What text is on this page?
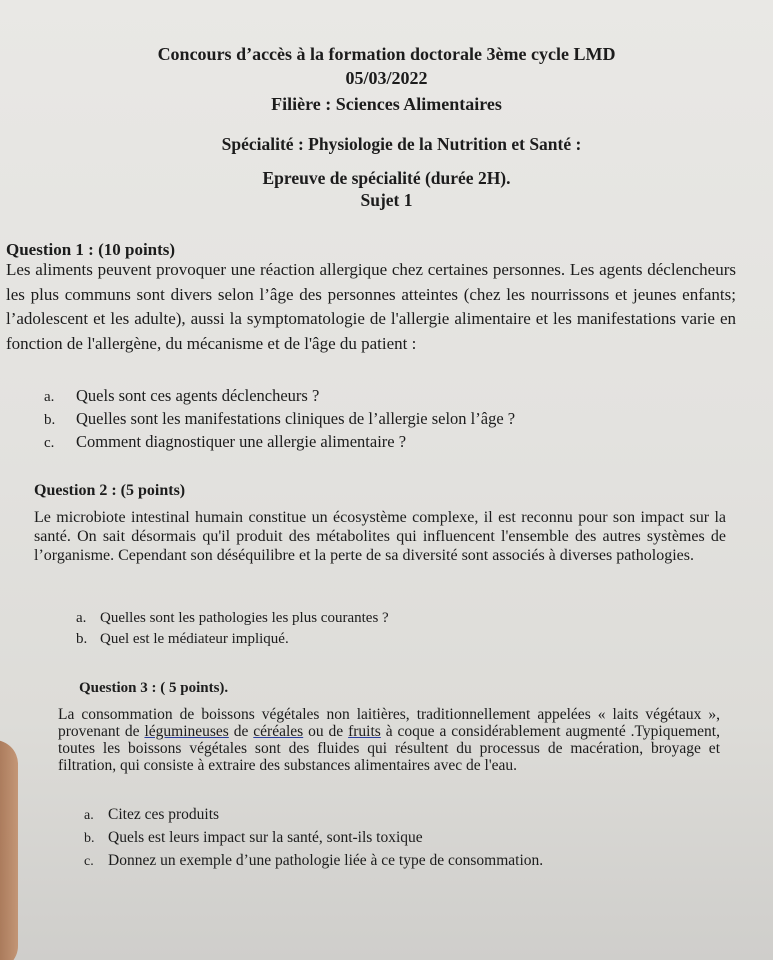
Concours d’accès à la formation doctorale 3ème cycle LMD
05/03/2022
Filière : Sciences Alimentaires
Spécialité : Physiologie de la Nutrition et Santé :
Epreuve de spécialité (durée 2H).
Sujet 1
Question 1 : (10 points)
Les aliments peuvent provoquer une réaction allergique chez certaines personnes. Les agents déclencheurs les plus communs sont divers selon l’âge des personnes atteintes (chez les nourrissons et jeunes enfants; l’adolescent et les adulte), aussi la symptomatologie de l'allergie alimentaire et les manifestations varie en fonction de l'allergène, du mécanisme et de l'âge du patient :
a. Quels sont ces agents déclencheurs ?
b. Quelles sont les manifestations cliniques de l’allergie selon l’âge ?
c. Comment diagnostiquer une allergie alimentaire ?
Question 2 : (5 points)
Le microbiote intestinal humain constitue un écosystème complexe, il est reconnu pour son impact sur la santé. On sait désormais qu'il produit des métabolites qui influencent l'ensemble des autres systèmes de l’organisme. Cependant son déséquilibre et la perte de sa diversité sont associés à diverses pathologies.
a. Quelles sont les pathologies les plus courantes ?
b. Quel est le médiateur impliqué.
Question 3 : ( 5 points).
La consommation de boissons végétales non laitières, traditionnellement appelées « laits végétaux », provenant de légumineuses de céréales ou de fruits à coque a considérablement augmenté .Typiquement, toutes les boissons végétales sont des fluides qui résultent du processus de macération, broyage et filtration, qui consiste à extraire des substances alimentaires avec de l'eau.
a. Citez ces produits
b. Quels est leurs impact sur la santé, sont-ils toxique
c. Donnez un exemple d’une pathologie liée à ce type de consommation.
